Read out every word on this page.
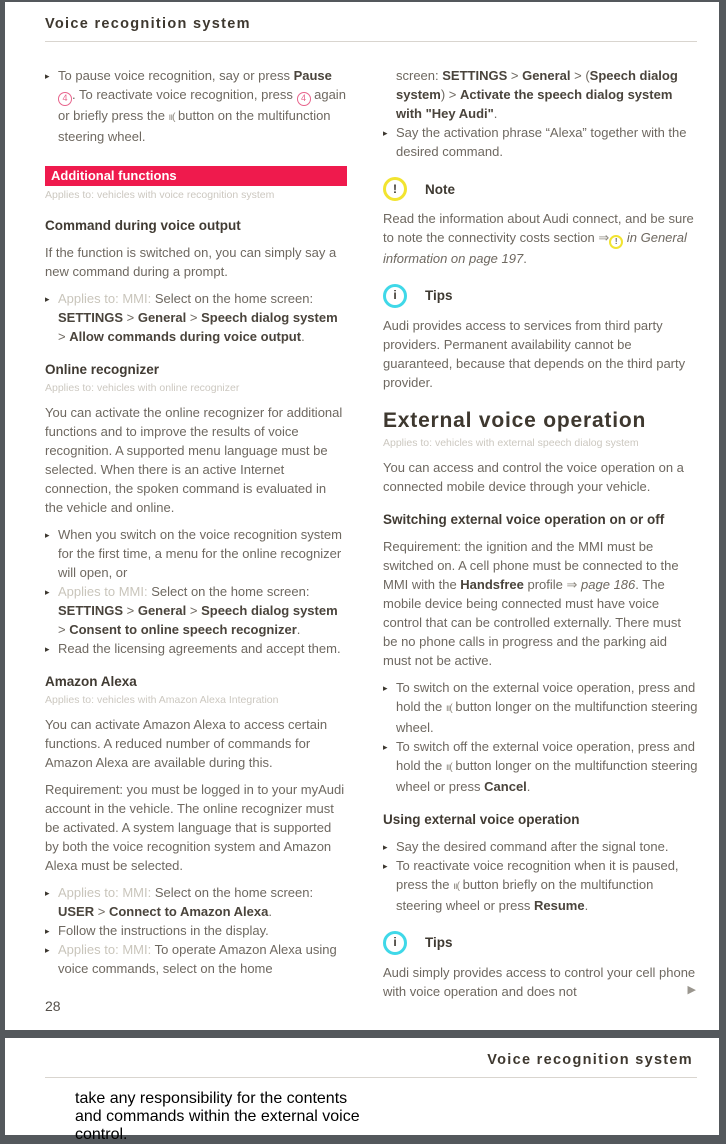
Voice recognition system
▸ To pause voice recognition, say or press Pause 4 . To reactivate voice recognition, press 4 again or briefly press the ıı( button on the multifunction steering wheel.
Additional functions
Applies to: vehicles with voice recognition system
Command during voice output
If the function is switched on, you can simply say a new command during a prompt.
▸ Applies to: MMI: Select on the home screen: SETTINGS > General > Speech dialog system > Allow commands during voice output.
Online recognizer
Applies to: vehicles with online recognizer
You can activate the online recognizer for additional functions and to improve the results of voice recognition. A supported menu language must be selected. When there is an active Internet connection, the spoken command is evaluated in the vehicle and online.
▸ When you switch on the voice recognition system for the first time, a menu for the online recognizer will open, or
▸ Applies to MMI: Select on the home screen: SETTINGS > General > Speech dialog system > Consent to online speech recognizer.
▸ Read the licensing agreements and accept them.
Amazon Alexa
Applies to: vehicles with Amazon Alexa Integration
You can activate Amazon Alexa to access certain functions. A reduced number of commands for Amazon Alexa are available during this.
Requirement: you must be logged in to your myAudi account in the vehicle. The online recognizer must be activated. A system language that is supported by both the voice recognition system and Amazon Alexa must be selected.
▸ Applies to: MMI: Select on the home screen: USER > Connect to Amazon Alexa.
▸ Follow the instructions in the display.
▸ Applies to: MMI: To operate Amazon Alexa using voice commands, select on the home
screen: SETTINGS > General > (Speech dialog system) > Activate the speech dialog system with "Hey Audi".
▸ Say the activation phrase “Alexa” together with the desired command.
!	Note
Read the information about Audi connect, and be sure to note the connectivity costs section ⇒ ! in General information on page 197.
i	Tips
Audi provides access to services from third party providers. Permanent availability cannot be guaranteed, because that depends on the third party provider.
External voice operation
Applies to: vehicles with external speech dialog system
You can access and control the voice operation on a connected mobile device through your vehicle.
Switching external voice operation on or off
Requirement: the ignition and the MMI must be switched on. A cell phone must be connected to the MMI with the Handsfree profile ⇒ page 186. The mobile device being connected must have voice control that can be controlled externally. There must be no phone calls in progress and the parking aid must not be active.
▸ To switch on the external voice operation, press and hold the ıı( button longer on the multifunction steering wheel.
▸ To switch off the external voice operation, press and hold the ıı( button longer on the multifunction steering wheel or press Cancel.
Using external voice operation
▸ Say the desired command after the signal tone.
▸ To reactivate voice recognition when it is paused, press the ıı( button briefly on the multifunction steering wheel or press Resume.
i	Tips
Audi simply provides access to control your cell phone with voice operation and does not	▶
28
Voice recognition system
take any responsibility for the contents and commands within the external voice control.
